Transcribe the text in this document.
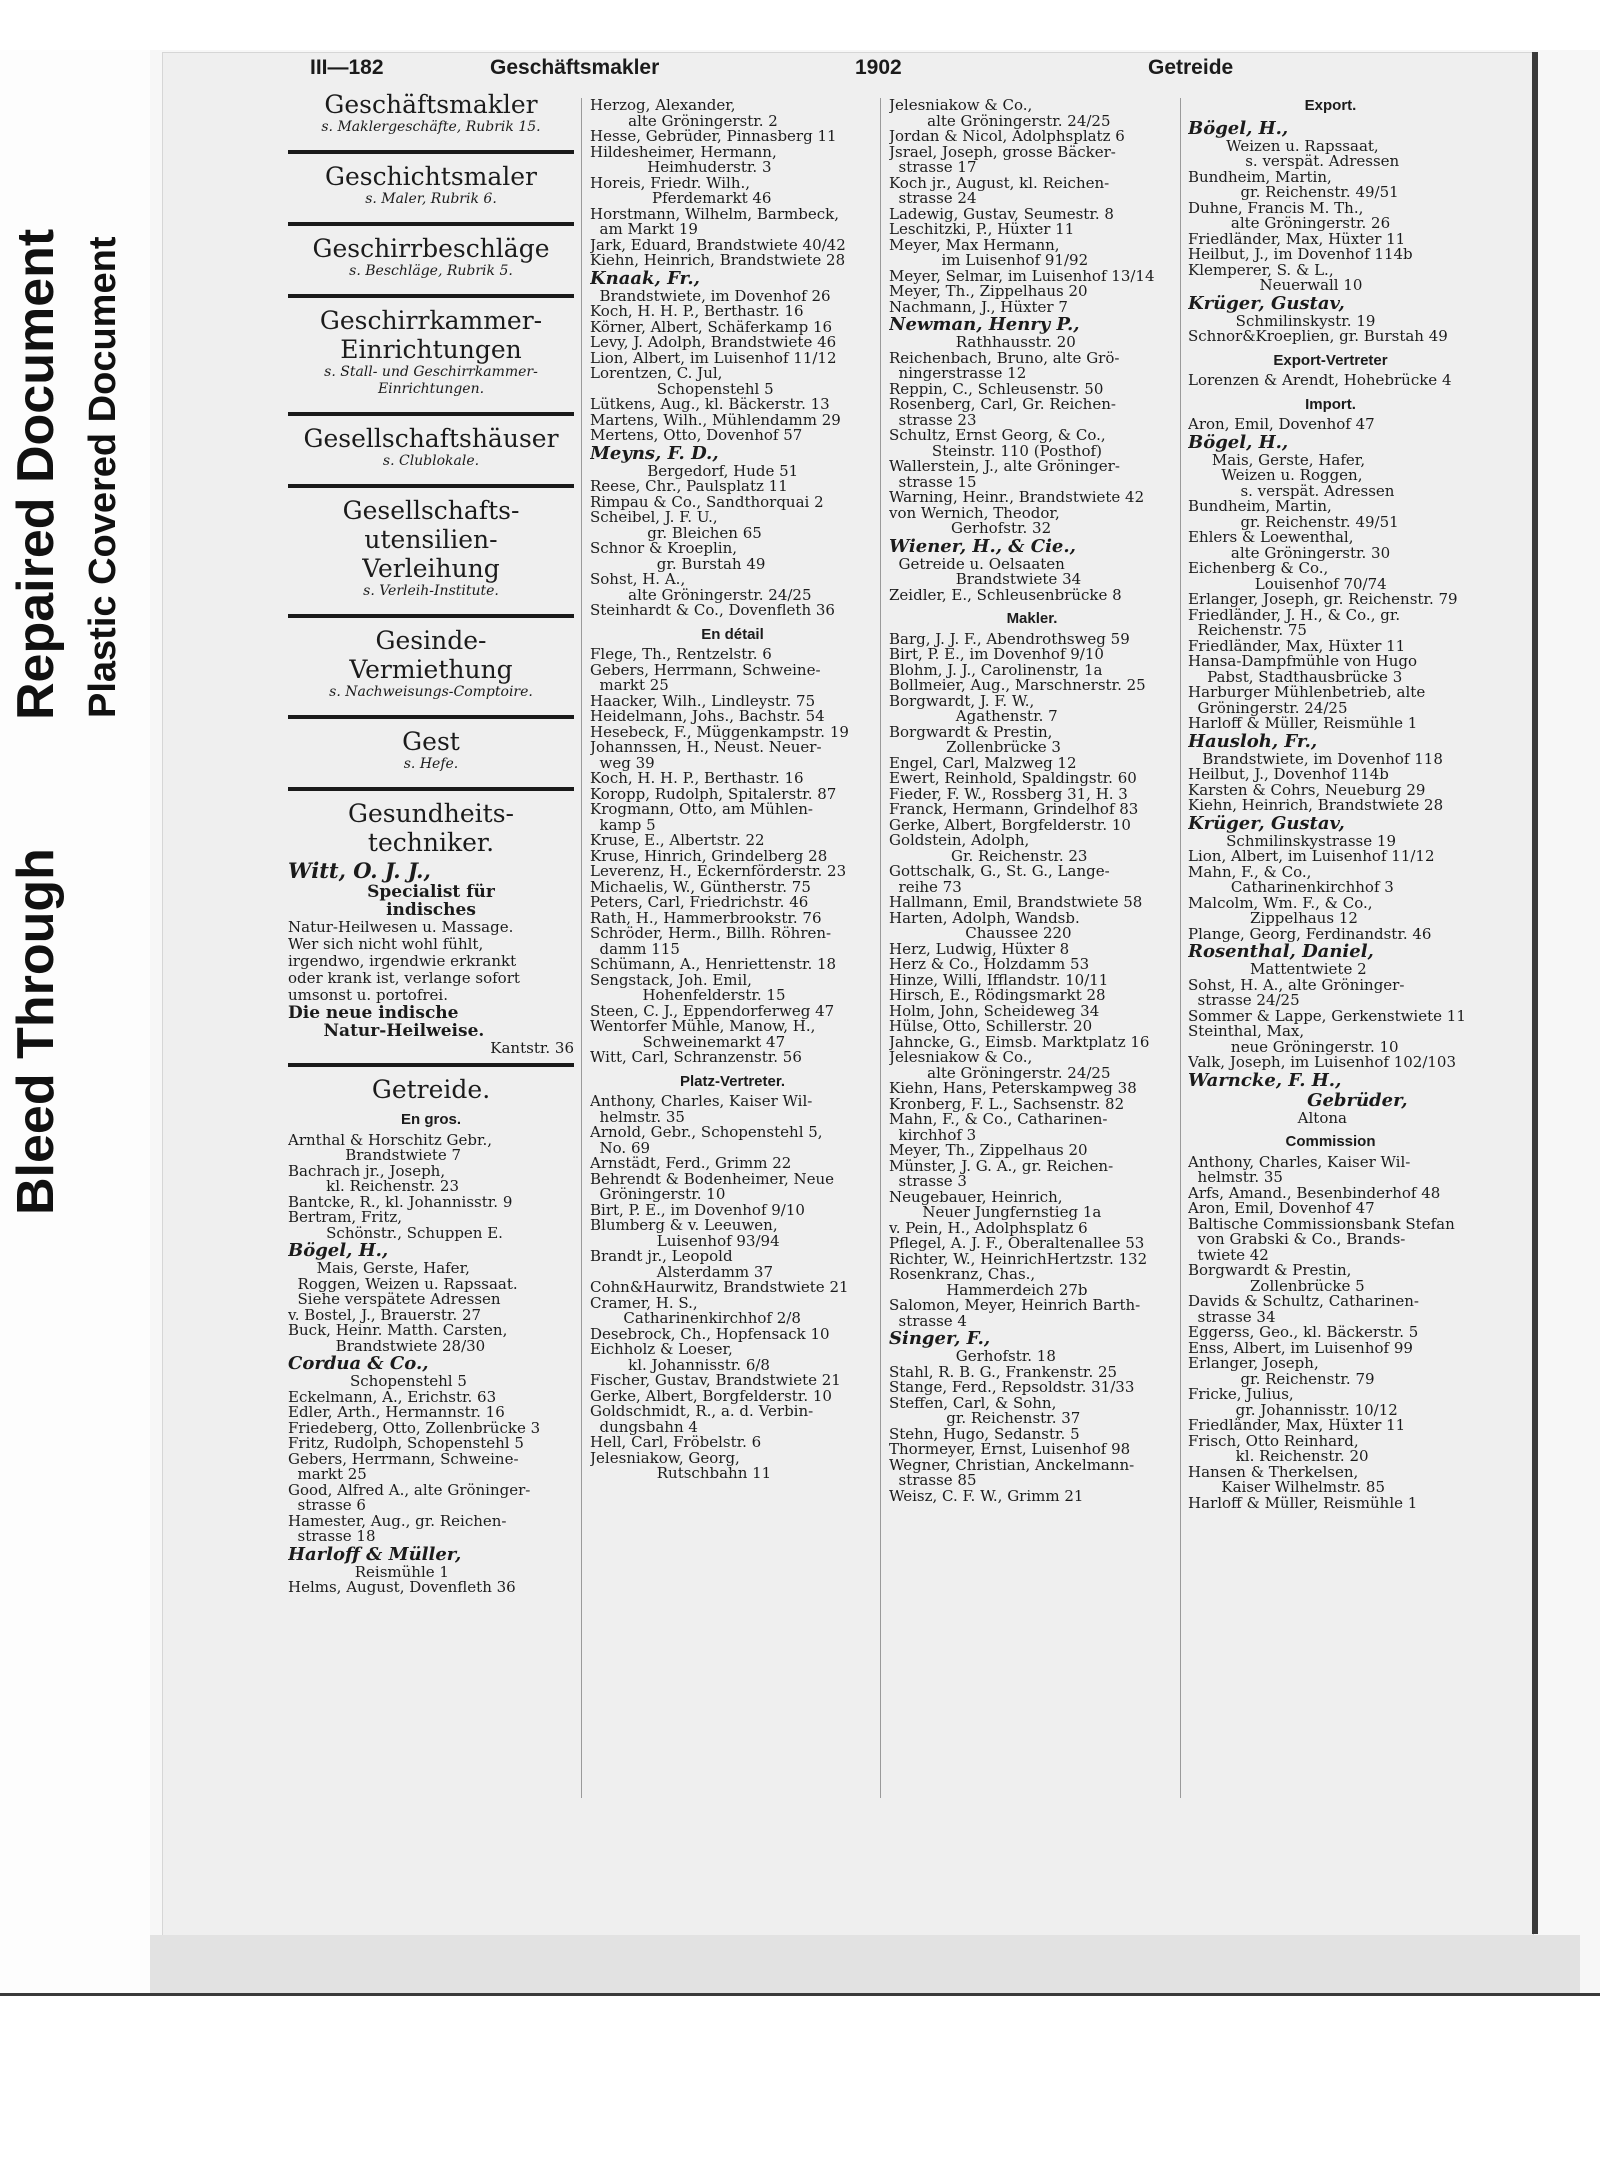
Bleed Through
Repaired Document Plastic Covered Document
III—182	Geschäftsmakler	1902	Getreide
Geschäftsmakler
s. Maklergeschäfte, Rubrik 15.
Geschichtsmaler
s. Maler, Rubrik 6.
Geschirrbeschläge
s. Beschläge, Rubrik 5.
Geschirrkammer-
Einrichtungen
s. Stall- und Geschirrkammer-
Einrichtungen.
Gesellschaftshäuser
s. Clublokale.
Gesellschafts-
utensilien-
Verleihung
s. Verleih-Institute.
Gesinde-
Vermiethung
s. Nachweisungs-Comptoire.
Gest
s. Hefe.
Gesundheits-
techniker.
Witt, O. J. J.,
Specialist für
indisches
Natur-Heilwesen u. Massage.
Wer sich nicht wohl fühlt,
irgendwo, irgendwie erkrankt
oder krank ist, verlange sofort
umsonst u. portofrei.
Die neue indische
Natur-Heilweise.
Kantstr. 36
Getreide.
En gros.
Arnthal & Horschitz Gebr.,
Brandstwiete 7
Bachrach jr., Joseph,
kl. Reichenstr. 23
Bantcke, R., kl. Johannisstr. 9
Bertram, Fritz,
Schönstr., Schuppen E.
Bögel, H.,
Mais, Gerste, Hafer,
Roggen, Weizen u. Rapssaat.
Siehe verspätete Adressen
v. Bostel, J., Brauerstr. 27
Buck, Heinr. Matth. Carsten,
Brandstwiete 28/30
Cordua & Co.,
Schopenstehl 5
Eckelmann, A., Erichstr. 63
Edler, Arth., Hermannstr. 16
Friedeberg, Otto, Zollenbrücke 3
Fritz, Rudolph, Schopenstehl 5
Gebers, Herrmann, Schweine-
markt 25
Good, Alfred A., alte Gröninger-
strasse 6
Hamester, Aug., gr. Reichen-
strasse 18
Harloff & Müller,
Reismühle 1
Helms, August, Dovenfleth 36
Herzog, Alexander,
alte Gröningerstr. 2
Hesse, Gebrüder, Pinnasberg 11
Hildesheimer, Hermann,
Heimhuderstr. 3
Horeis, Friedr. Wilh.,
Pferdemarkt 46
Horstmann, Wilhelm, Barmbeck,
am Markt 19
Jark, Eduard, Brandstwiete 40/42
Kiehn, Heinrich, Brandstwiete 28
Knaak, Fr.,
Brandstwiete, im Dovenhof 26
Koch, H. H. P., Berthastr. 16
Körner, Albert, Schäferkamp 16
Levy, J. Adolph, Brandstwiete 46
Lion, Albert, im Luisenhof 11/12
Lorentzen, C. Jul,
Schopenstehl 5
Lütkens, Aug., kl. Bäckerstr. 13
Martens, Wilh., Mühlendamm 29
Mertens, Otto, Dovenhof 57
Meyns, F. D.,
Bergedorf, Hude 51
Reese, Chr., Paulsplatz 11
Rimpau & Co., Sandthorquai 2
Scheibel, J. F. U.,
gr. Bleichen 65
Schnor & Kroeplin,
gr. Burstah 49
Sohst, H. A.,
alte Gröningerstr. 24/25
Steinhardt & Co., Dovenfleth 36
En détail
Flege, Th., Rentzelstr. 6
Gebers, Herrmann, Schweine-
markt 25
Haacker, Wilh., Lindleystr. 75
Heidelmann, Johs., Bachstr. 54
Hesebeck, F., Müggenkampstr. 19
Johannssen, H., Neust. Neuer-
weg 39
Koch, H. H. P., Berthastr. 16
Koropp, Rudolph, Spitalerstr. 87
Krogmann, Otto, am Mühlen-
kamp 5
Kruse, E., Albertstr. 22
Kruse, Hinrich, Grindelberg 28
Leverenz, H., Eckernförderstr. 23
Michaelis, W., Güntherstr. 75
Peters, Carl, Friedrichstr. 46
Rath, H., Hammerbrookstr. 76
Schröder, Herm., Billh. Röhren-
damm 115
Schümann, A., Henriettenstr. 18
Sengstack, Joh. Emil,
Hohenfelderstr. 15
Steen, C. J., Eppendorferweg 47
Wentorfer Mühle, Manow, H.,
Schweinemarkt 47
Witt, Carl, Schranzenstr. 56
Platz-Vertreter.
Anthony, Charles, Kaiser Wil-
helmstr. 35
Arnold, Gebr., Schopenstehl 5,
No. 69
Arnstädt, Ferd., Grimm 22
Behrendt & Bodenheimer, Neue
Gröningerstr. 10
Birt, P. E., im Dovenhof 9/10
Blumberg & v. Leeuwen,
Luisenhof 93/94
Brandt jr., Leopold
Alsterdamm 37
Cohn&Haurwitz, Brandstwiete 21
Cramer, H. S.,
Catharinenkirchhof 2/8
Desebrock, Ch., Hopfensack 10
Eichholz & Loeser,
kl. Johannisstr. 6/8
Fischer, Gustav, Brandstwiete 21
Gerke, Albert, Borgfelderstr. 10
Goldschmidt, R., a. d. Verbin-
dungsbahn 4
Hell, Carl, Fröbelstr. 6
Jelesniakow, Georg,
Rutschbahn 11
Jelesniakow & Co.,
alte Gröningerstr. 24/25
Jordan & Nicol, Adolphsplatz 6
Jsrael, Joseph, grosse Bäcker-
strasse 17
Koch jr., August, kl. Reichen-
strasse 24
Ladewig, Gustav, Seumestr. 8
Leschitzki, P., Hüxter 11
Meyer, Max Hermann,
im Luisenhof 91/92
Meyer, Selmar, im Luisenhof 13/14
Meyer, Th., Zippelhaus 20
Nachmann, J., Hüxter 7
Newman, Henry P.,
Rathhausstr. 20
Reichenbach, Bruno, alte Grö-
ningerstrasse 12
Reppin, C., Schleusenstr. 50
Rosenberg, Carl, Gr. Reichen-
strasse 23
Schultz, Ernst Georg, & Co.,
Steinstr. 110 (Posthof)
Wallerstein, J., alte Gröninger-
strasse 15
Warning, Heinr., Brandstwiete 42
von Wernich, Theodor,
Gerhofstr. 32
Wiener, H., & Cie.,
Getreide u. Oelsaaten
Brandstwiete 34
Zeidler, E., Schleusenbrücke 8
Makler.
Barg, J. J. F., Abendrothsweg 59
Birt, P. E., im Dovenhof 9/10
Blohm, J. J., Carolinenstr, 1a
Bollmeier, Aug., Marschnerstr. 25
Borgwardt, J. F. W.,
Agathenstr. 7
Borgwardt & Prestin,
Zollenbrücke 3
Engel, Carl, Malzweg 12
Ewert, Reinhold, Spaldingstr. 60
Fieder, F. W., Rossberg 31, H. 3
Franck, Hermann, Grindelhof 83
Gerke, Albert, Borgfelderstr. 10
Goldstein, Adolph,
Gr. Reichenstr. 23
Gottschalk, G., St. G., Lange-
reihe 73
Hallmann, Emil, Brandstwiete 58
Harten, Adolph, Wandsb.
Chaussee 220
Herz, Ludwig, Hüxter 8
Herz & Co., Holzdamm 53
Hinze, Willi, Ifflandstr. 10/11
Hirsch, E., Rödingsmarkt 28
Holm, John, Scheideweg 34
Hülse, Otto, Schillerstr. 20
Jahncke, G., Eimsb. Marktplatz 16
Jelesniakow & Co.,
alte Gröningerstr. 24/25
Kiehn, Hans, Peterskampweg 38
Kronberg, F. L., Sachsenstr. 82
Mahn, F., & Co., Catharinen-
kirchhof 3
Meyer, Th., Zippelhaus 20
Münster, J. G. A., gr. Reichen-
strasse 3
Neugebauer, Heinrich,
Neuer Jungfernstieg 1a
v. Pein, H., Adolphsplatz 6
Pflegel, A. J. F., Oberaltenallee 53
Richter, W., HeinrichHertzstr. 132
Rosenkranz, Chas.,
Hammerdeich 27b
Salomon, Meyer, Heinrich Barth-
strasse 4
Singer, F.,
Gerhofstr. 18
Stahl, R. B. G., Frankenstr. 25
Stange, Ferd., Repsoldstr. 31/33
Steffen, Carl, & Sohn,
gr. Reichenstr. 37
Stehn, Hugo, Sedanstr. 5
Thormeyer, Ernst, Luisenhof 98
Wegner, Christian, Anckelmann-
strasse 85
Weisz, C. F. W., Grimm 21
Export.
Bögel, H.,
Weizen u. Rapssaat,
s. verspät. Adressen
Bundheim, Martin,
gr. Reichenstr. 49/51
Duhne, Francis M. Th.,
alte Gröningerstr. 26
Friedländer, Max, Hüxter 11
Heilbut, J., im Dovenhof 114b
Klemperer, S. & L.,
Neuerwall 10
Krüger, Gustav,
Schmilinskystr. 19
Schnor&Kroeplien, gr. Burstah 49
Export-Vertreter
Lorenzen & Arendt, Hohebrücke 4
Import.
Aron, Emil, Dovenhof 47
Bögel, H.,
Mais, Gerste, Hafer,
Weizen u. Roggen,
s. verspät. Adressen
Bundheim, Martin,
gr. Reichenstr. 49/51
Ehlers & Loewenthal,
alte Gröningerstr. 30
Eichenberg & Co.,
Louisenhof 70/74
Erlanger, Joseph, gr. Reichenstr. 79
Friedländer, J. H., & Co., gr.
Reichenstr. 75
Friedländer, Max, Hüxter 11
Hansa-Dampfmühle von Hugo
Pabst, Stadthausbrücke 3
Harburger Mühlenbetrieb, alte
Gröningerstr. 24/25
Harloff & Müller, Reismühle 1
Hausloh, Fr.,
Brandstwiete, im Dovenhof 118
Heilbut, J., Dovenhof 114b
Karsten & Cohrs, Neueburg 29
Kiehn, Heinrich, Brandstwiete 28
Krüger, Gustav,
Schmilinskystrasse 19
Lion, Albert, im Luisenhof 11/12
Mahn, F., & Co.,
Catharinenkirchhof 3
Malcolm, Wm. F., & Co.,
Zippelhaus 12
Plange, Georg, Ferdinandstr. 46
Rosenthal, Daniel,
Mattentwiete 2
Sohst, H. A., alte Gröninger-
strasse 24/25
Sommer & Lappe, Gerkenstwiete 11
Steinthal, Max,
neue Gröningerstr. 10
Valk, Joseph, im Luisenhof 102/103
Warncke, F. H.,
Gebrüder,
Altona
Commission
Anthony, Charles, Kaiser Wil-
helmstr. 35
Arfs, Amand., Besenbinderhof 48
Aron, Emil, Dovenhof 47
Baltische Commissionsbank Stefan
von Grabski & Co., Brands-
twiete 42
Borgwardt & Prestin,
Zollenbrücke 5
Davids & Schultz, Catharinen-
strasse 34
Eggerss, Geo., kl. Bäckerstr. 5
Enss, Albert, im Luisenhof 99
Erlanger, Joseph,
gr. Reichenstr. 79
Fricke, Julius,
gr. Johannisstr. 10/12
Friedländer, Max, Hüxter 11
Frisch, Otto Reinhard,
kl. Reichenstr. 20
Hansen & Therkelsen,
Kaiser Wilhelmstr. 85
Harloff & Müller, Reismühle 1
